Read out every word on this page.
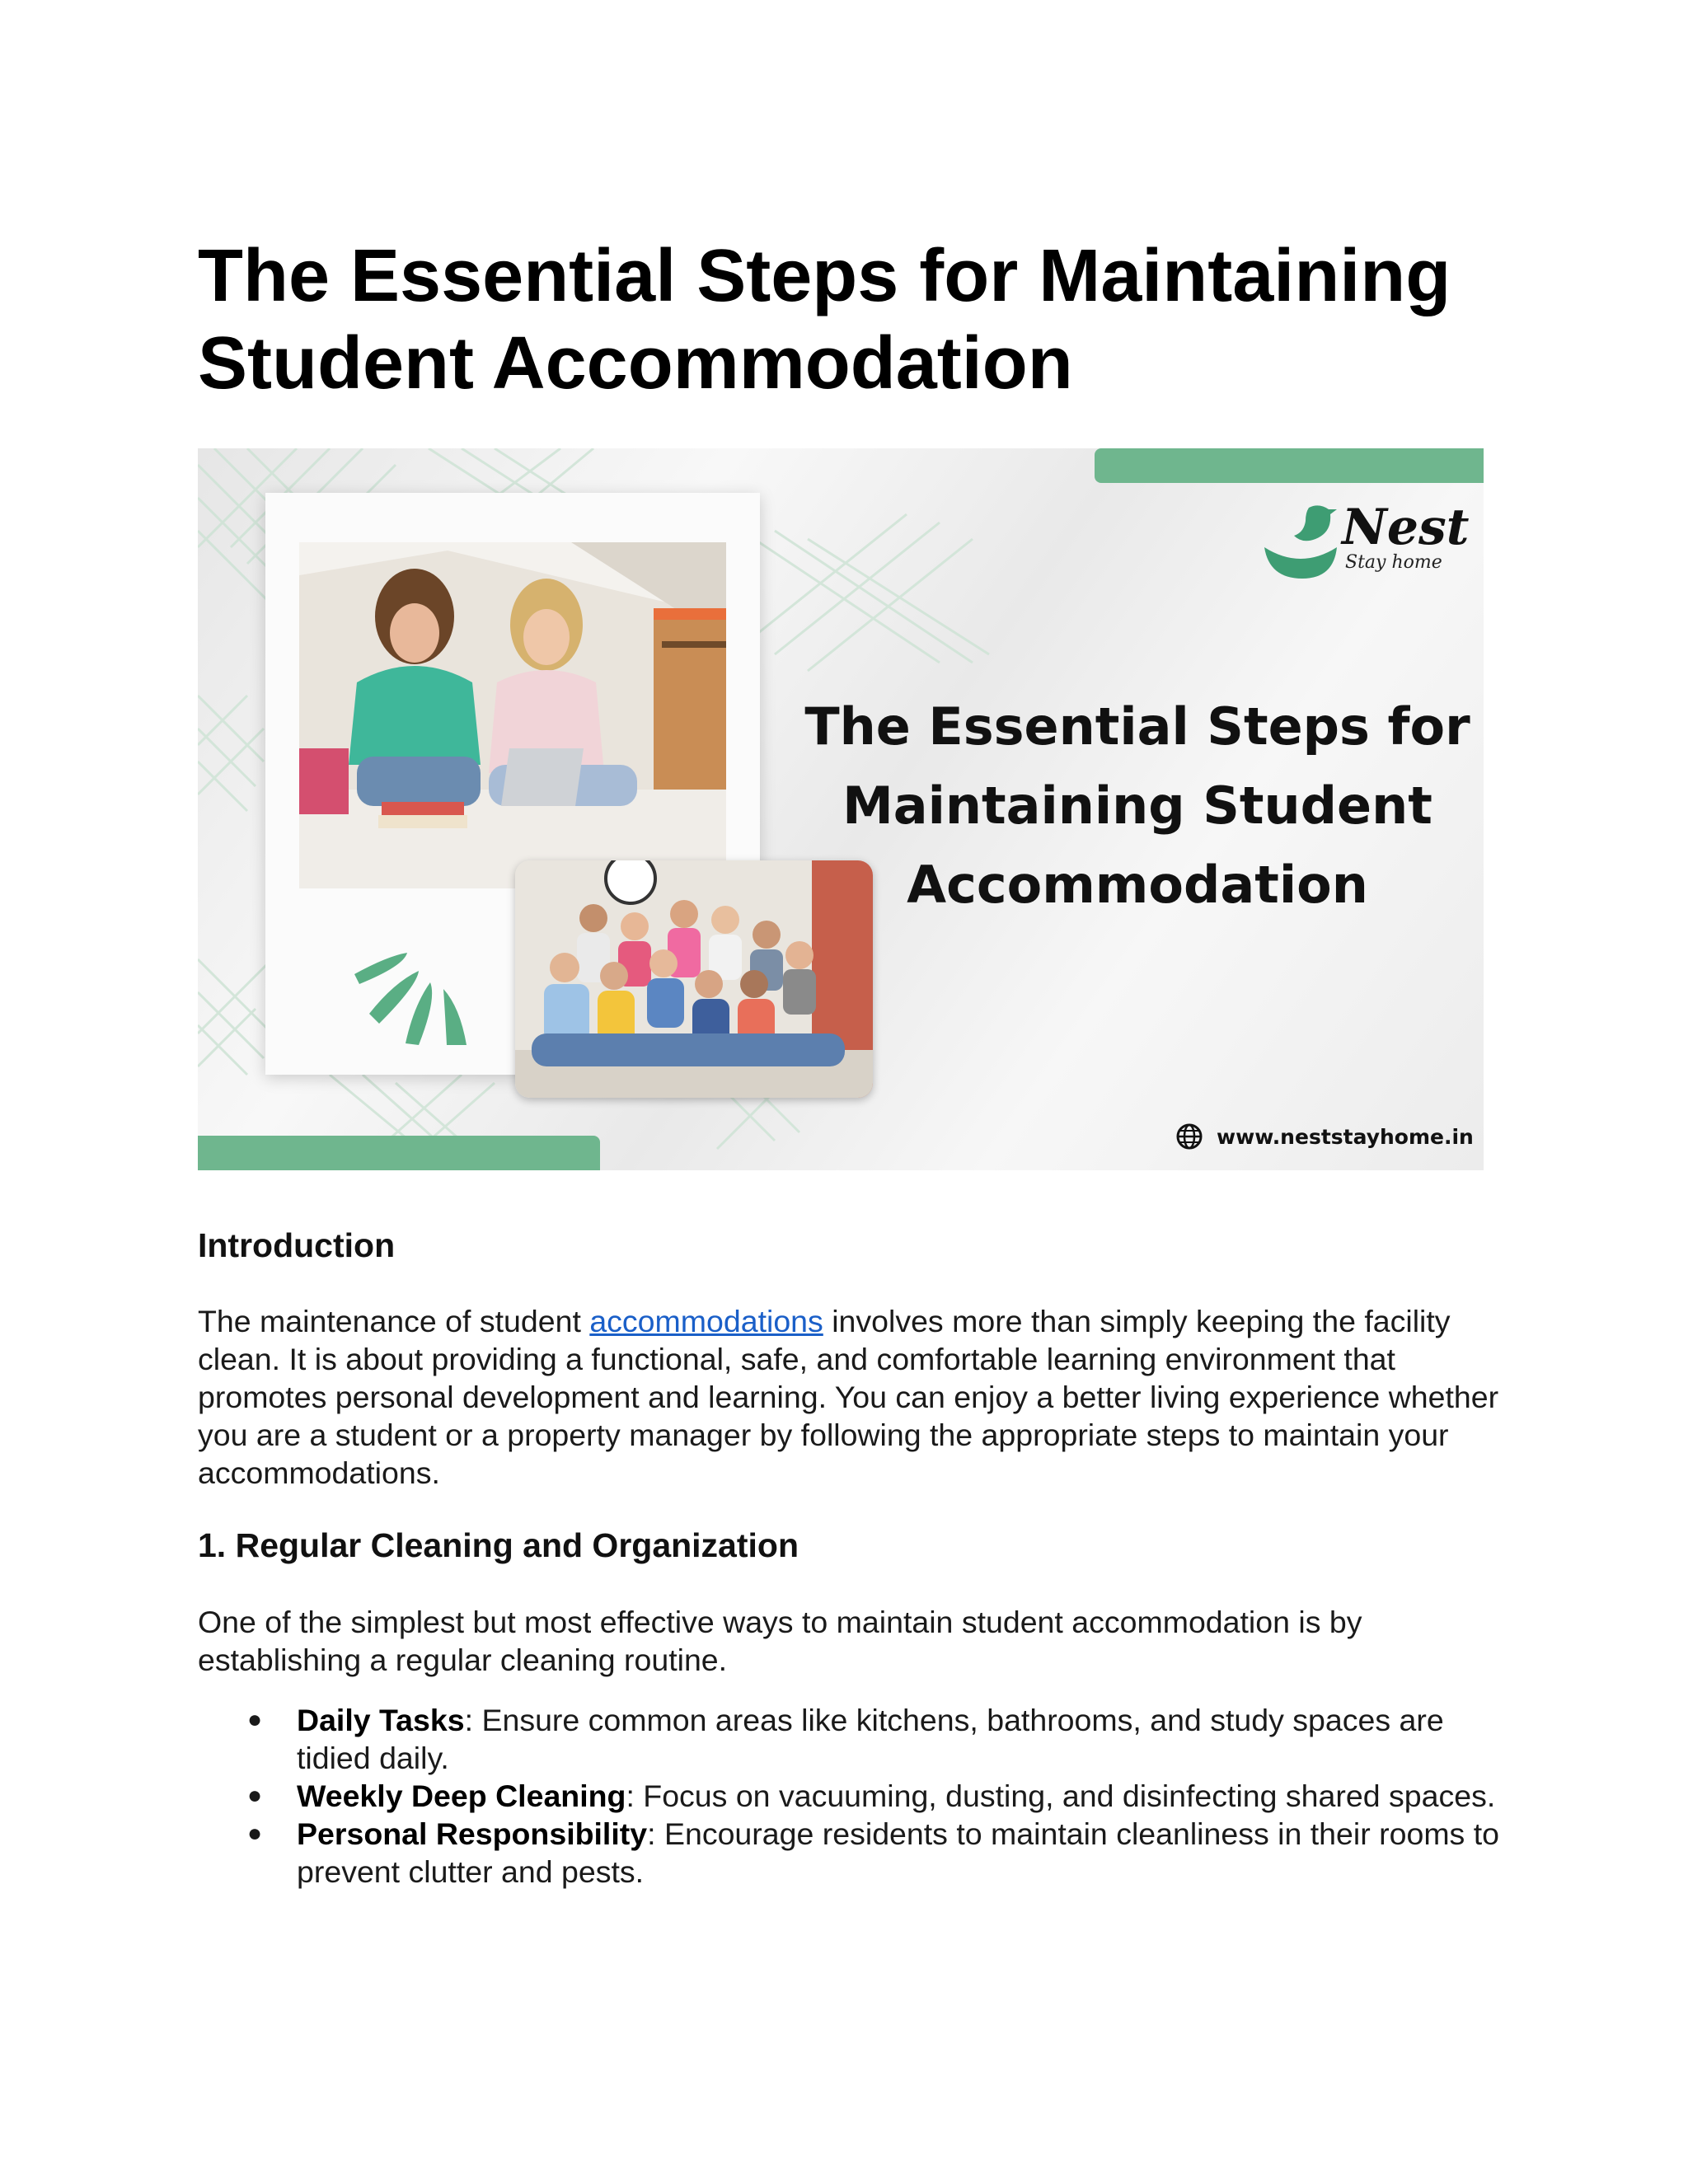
The Essential Steps for Maintaining Student Accommodation
Nest
Stay home
The Essential Steps for Maintaining Student Accommodation
www.neststayhome.in
Introduction

The maintenance of student accommodations involves more than simply keeping the facility clean. It is about providing a functional, safe, and comfortable learning environment that promotes personal development and learning. You can enjoy a better living experience whether you are a student or a property manager by following the appropriate steps to maintain your accommodations.

1. Regular Cleaning and Organization

One of the simplest but most effective ways to maintain student accommodation is by establishing a regular cleaning routine.

● Daily Tasks: Ensure common areas like kitchens, bathrooms, and study spaces are tidied daily.
● Weekly Deep Cleaning: Focus on vacuuming, dusting, and disinfecting shared spaces.
● Personal Responsibility: Encourage residents to maintain cleanliness in their rooms to prevent clutter and pests.
